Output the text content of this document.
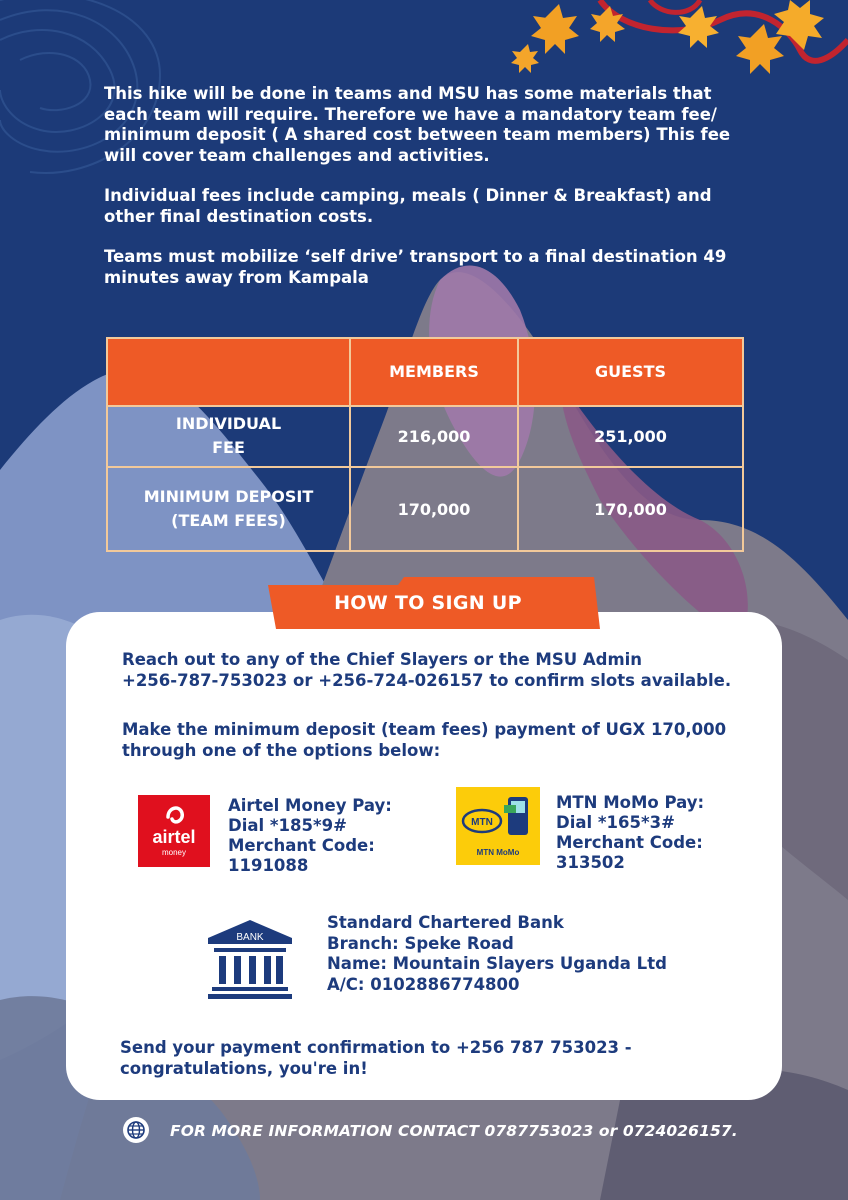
This hike will be done in teams and MSU has some materials that
each team will require. Therefore we have a mandatory team fee/
minimum deposit ( A shared cost between team members) This fee
will cover team challenges and activities.

Individual fees include camping, meals ( Dinner & Breakfast) and
other final destination costs.

Teams must mobilize ‘self drive’ transport to a final destination 49
minutes away from Kampala

	MEMBERS	GUESTS

INDIVIDUAL
FEE	216,000	251,000

MINIMUM DEPOSIT
(TEAM FEES)	170,000	170,000
HOW TO SIGN UP
Reach out to any of the Chief Slayers or the MSU Admin
+256-787-753023 or +256-724-026157 to confirm slots available.
Make the minimum deposit (team fees) payment of UGX 170,000
through one of the options below:
airtel
money
Airtel Money Pay:
Dial *185*9#
Merchant Code:
1191088
MTN
MTN MoMo
MTN MoMo Pay:
Dial *165*3#
Merchant Code:
313502
BANK
Standard Chartered Bank
Branch: Speke Road
Name: Mountain Slayers Uganda Ltd
A/C: 0102886774800
Send your payment confirmation to +256 787 753023 -
congratulations, you're in!
FOR MORE INFORMATION CONTACT 0787753023 or 0724026157.
